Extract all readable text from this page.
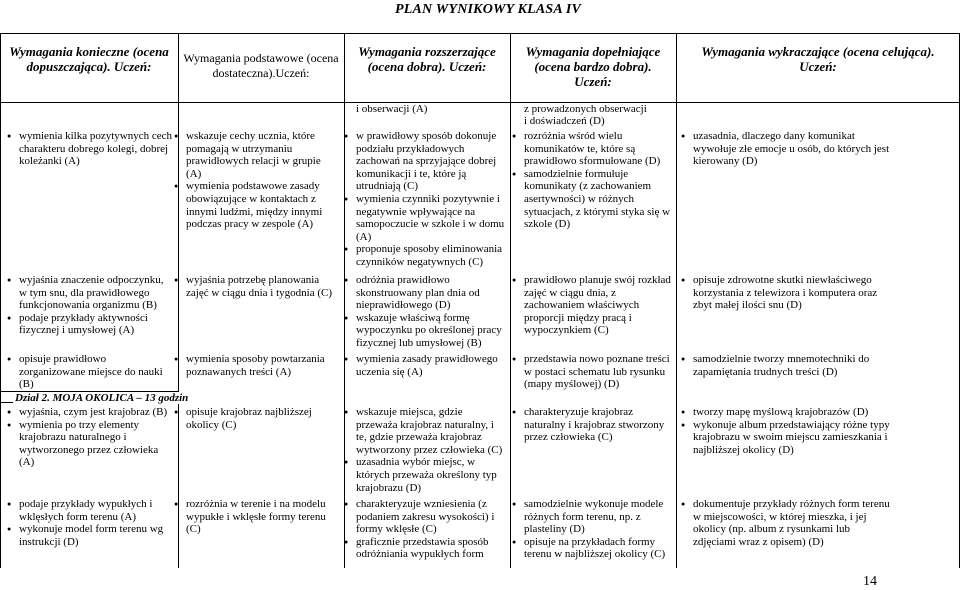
PLAN WYNIKOWY KLASA IV
Wymagania konieczne (ocena dopuszczająca). Uczeń:
Wymagania podstawowe (ocena dostateczna).Uczeń:
Wymagania rozszerzające (ocena dobra). Uczeń:
Wymagania dopełniające (ocena bardzo dobra). Uczeń:
Wymagania wykraczające (ocena celująca). Uczeń:
i obserwacji (A)	z prowadzonych obserwacji
i doświadczeń (D)
Dział 2. MOJA OKOLICA – 13 godzin
● wymienia kilka pozytywnych cech charakteru dobrego kolegi, dobrej koleżanki (A)
● wyjaśnia znaczenie odpoczynku, w tym snu, dla prawidłowego funkcjonowania organizmu (B)
● podaje przykłady aktywności fizycznej i umysłowej (A)
● opisuje prawidłowo zorganizowane miejsce do nauki (B)
● wyjaśnia, czym jest krajobraz (B)
● wymienia po trzy elementy krajobrazu naturalnego i wytworzonego przez człowieka (A)
● podaje przykłady wypukłych i wklęsłych form terenu (A)
● wykonuje model form terenu wg instrukcji (D)
● wskazuje cechy ucznia, które pomagają w utrzymaniu prawidłowych relacji w grupie (A)
● wymienia podstawowe zasady obowiązujące w kontaktach z innymi ludźmi, między innymi podczas pracy w zespole (A)
● wyjaśnia potrzebę planowania zajęć w ciągu dnia i tygodnia (C)
● wymienia sposoby powtarzania poznawanych treści (A)
● opisuje krajobraz najbliższej okolicy (C)
● rozróżnia w terenie i na modelu wypukłe i wklęsłe formy terenu (C)
● w prawidłowy sposób dokonuje podziału przykładowych zachowań na sprzyjające dobrej komunikacji i te, które ją utrudniają (C)
● wymienia czynniki pozytywnie i negatywnie wpływające na samopoczucie w szkole i w domu (A)
● proponuje sposoby eliminowania czynników negatywnych (C)
● odróżnia prawidłowo skonstruowany plan dnia od nieprawidłowego (D)
● wskazuje właściwą formę wypoczynku po określonej pracy fizycznej lub umysłowej (B)
● wymienia zasady prawidłowego uczenia się (A)
● wskazuje miejsca, gdzie przeważa krajobraz naturalny, i te, gdzie przeważa krajobraz wytworzony przez człowieka (C)
● uzasadnia wybór miejsc, w których przeważa określony typ krajobrazu (D)
● charakteryzuje wzniesienia (z podaniem zakresu wysokości) i formy wklęsłe (C)
● graficznie przedstawia sposób odróżniania wypukłych form
● rozróżnia wśród wielu komunikatów te, które są prawidłowo sformułowane (D)
● samodzielnie formułuje komunikaty (z zachowaniem asertywności) w różnych sytuacjach, z którymi styka się w szkole (D)
● prawidłowo planuje swój rozkład zajęć w ciągu dnia, z zachowaniem właściwych proporcji między pracą i wypoczynkiem (C)
● przedstawia nowo poznane treści w postaci schematu lub rysunku (mapy myślowej) (D)
● charakteryzuje krajobraz naturalny i krajobraz stworzony przez człowieka (C)
● samodzielnie wykonuje modele różnych form terenu, np. z plasteliny (D)
● opisuje na przykładach formy terenu w najbliższej okolicy (C)
● uzasadnia, dlaczego dany komunikat wywołuje złe emocje u osób, do których jest kierowany (D)
● opisuje zdrowotne skutki niewłaściwego korzystania z telewizora i komputera oraz zbyt małej ilości snu (D)
● samodzielnie tworzy mnemotechniki do zapamiętania trudnych treści (D)
● tworzy mapę myślową krajobrazów (D)
● wykonuje album przedstawiający różne typy krajobrazu w swoim miejscu zamieszkania i najbliższej okolicy (D)
● dokumentuje przykłady różnych form terenu w miejscowości, w której mieszka, i jej okolicy (np. album z rysunkami lub zdjęciami wraz z opisem) (D)
14
